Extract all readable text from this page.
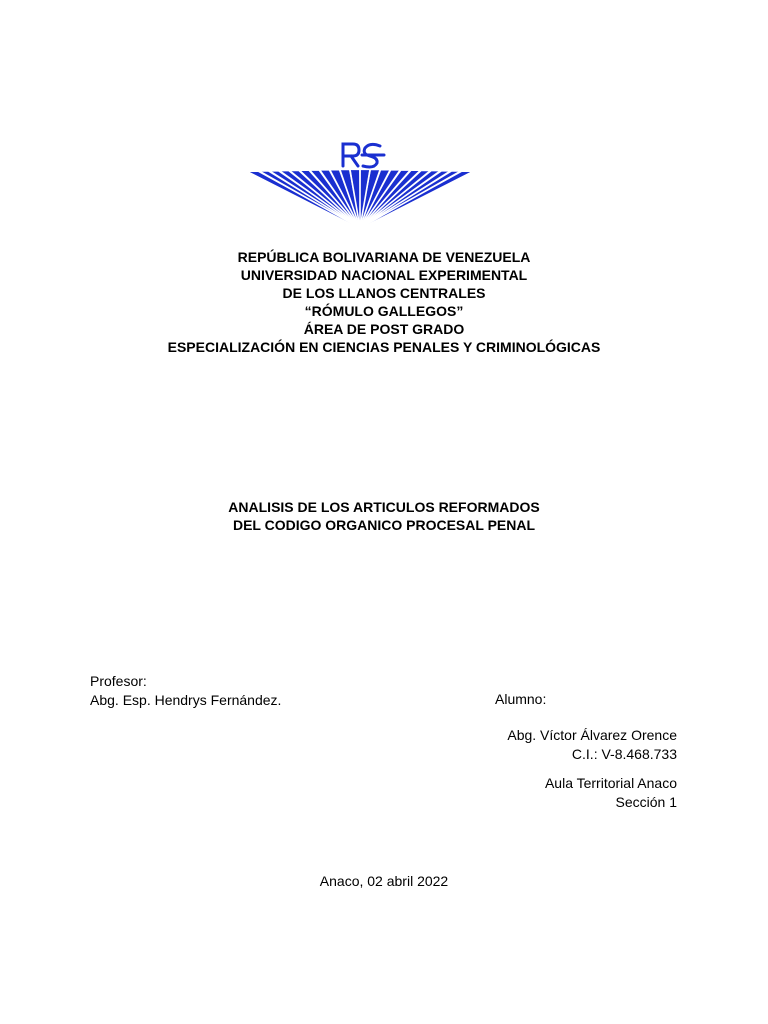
REPÚBLICA BOLIVARIANA DE VENEZUELA
UNIVERSIDAD NACIONAL EXPERIMENTAL
DE LOS LLANOS CENTRALES
“RÓMULO GALLEGOS”
ÁREA DE POST GRADO
ESPECIALIZACIÓN EN CIENCIAS PENALES Y CRIMINOLÓGICAS
ANALISIS DE LOS ARTICULOS REFORMADOS
DEL CODIGO ORGANICO PROCESAL PENAL
Profesor:
Abg. Esp. Hendrys Fernández.	Alumno:
Abg. Víctor Álvarez Orence
C.I.: V-8.468.733
Aula Territorial Anaco
Sección 1
Anaco, 02 abril 2022
